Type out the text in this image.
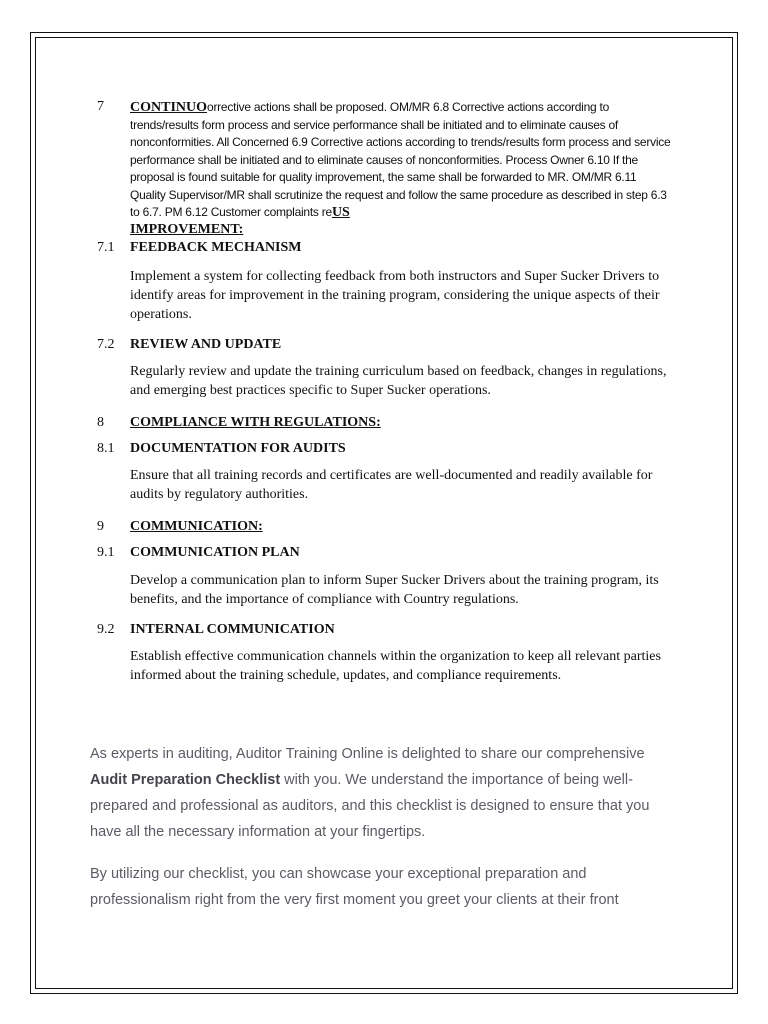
7	CONTINUOorrective actions shall be proposed. OM/MR 6.8 Corrective actions according to trends/results form process and service performance shall be initiated and to eliminate causes of nonconformities. All Concerned 6.9 Corrective actions according to trends/results form process and service performance shall be initiated and to eliminate causes of nonconformities. Process Owner 6.10 If the proposal is found suitable for quality improvement, the same shall be forwarded to MR. OM/MR 6.11 Quality Supervisor/MR shall scrutinize the request and follow the same procedure as described in step 6.3 to 6.7. PM 6.12 Customer complaints reUS
IMPROVEMENT:
7.1	FEEDBACK MECHANISM
Implement a system for collecting feedback from both instructors and Super Sucker Drivers to identify areas for improvement in the training program, considering the unique aspects of their operations.
7.2	REVIEW AND UPDATE
Regularly review and update the training curriculum based on feedback, changes in regulations, and emerging best practices specific to Super Sucker operations.
8	COMPLIANCE WITH REGULATIONS:
8.1	DOCUMENTATION FOR AUDITS
Ensure that all training records and certificates are well-documented and readily available for audits by regulatory authorities.
9	COMMUNICATION:
9.1	COMMUNICATION PLAN
Develop a communication plan to inform Super Sucker Drivers about the training program, its benefits, and the importance of compliance with Country regulations.
9.2	INTERNAL COMMUNICATION
Establish effective communication channels within the organization to keep all relevant parties informed about the training schedule, updates, and compliance requirements.
As experts in auditing, Auditor Training Online is delighted to share our comprehensive Audit Preparation Checklist with you. We understand the importance of being well-prepared and professional as auditors, and this checklist is designed to ensure that you have all the necessary information at your fingertips.
By utilizing our checklist, you can showcase your exceptional preparation and professionalism right from the very first moment you greet your clients at their front
